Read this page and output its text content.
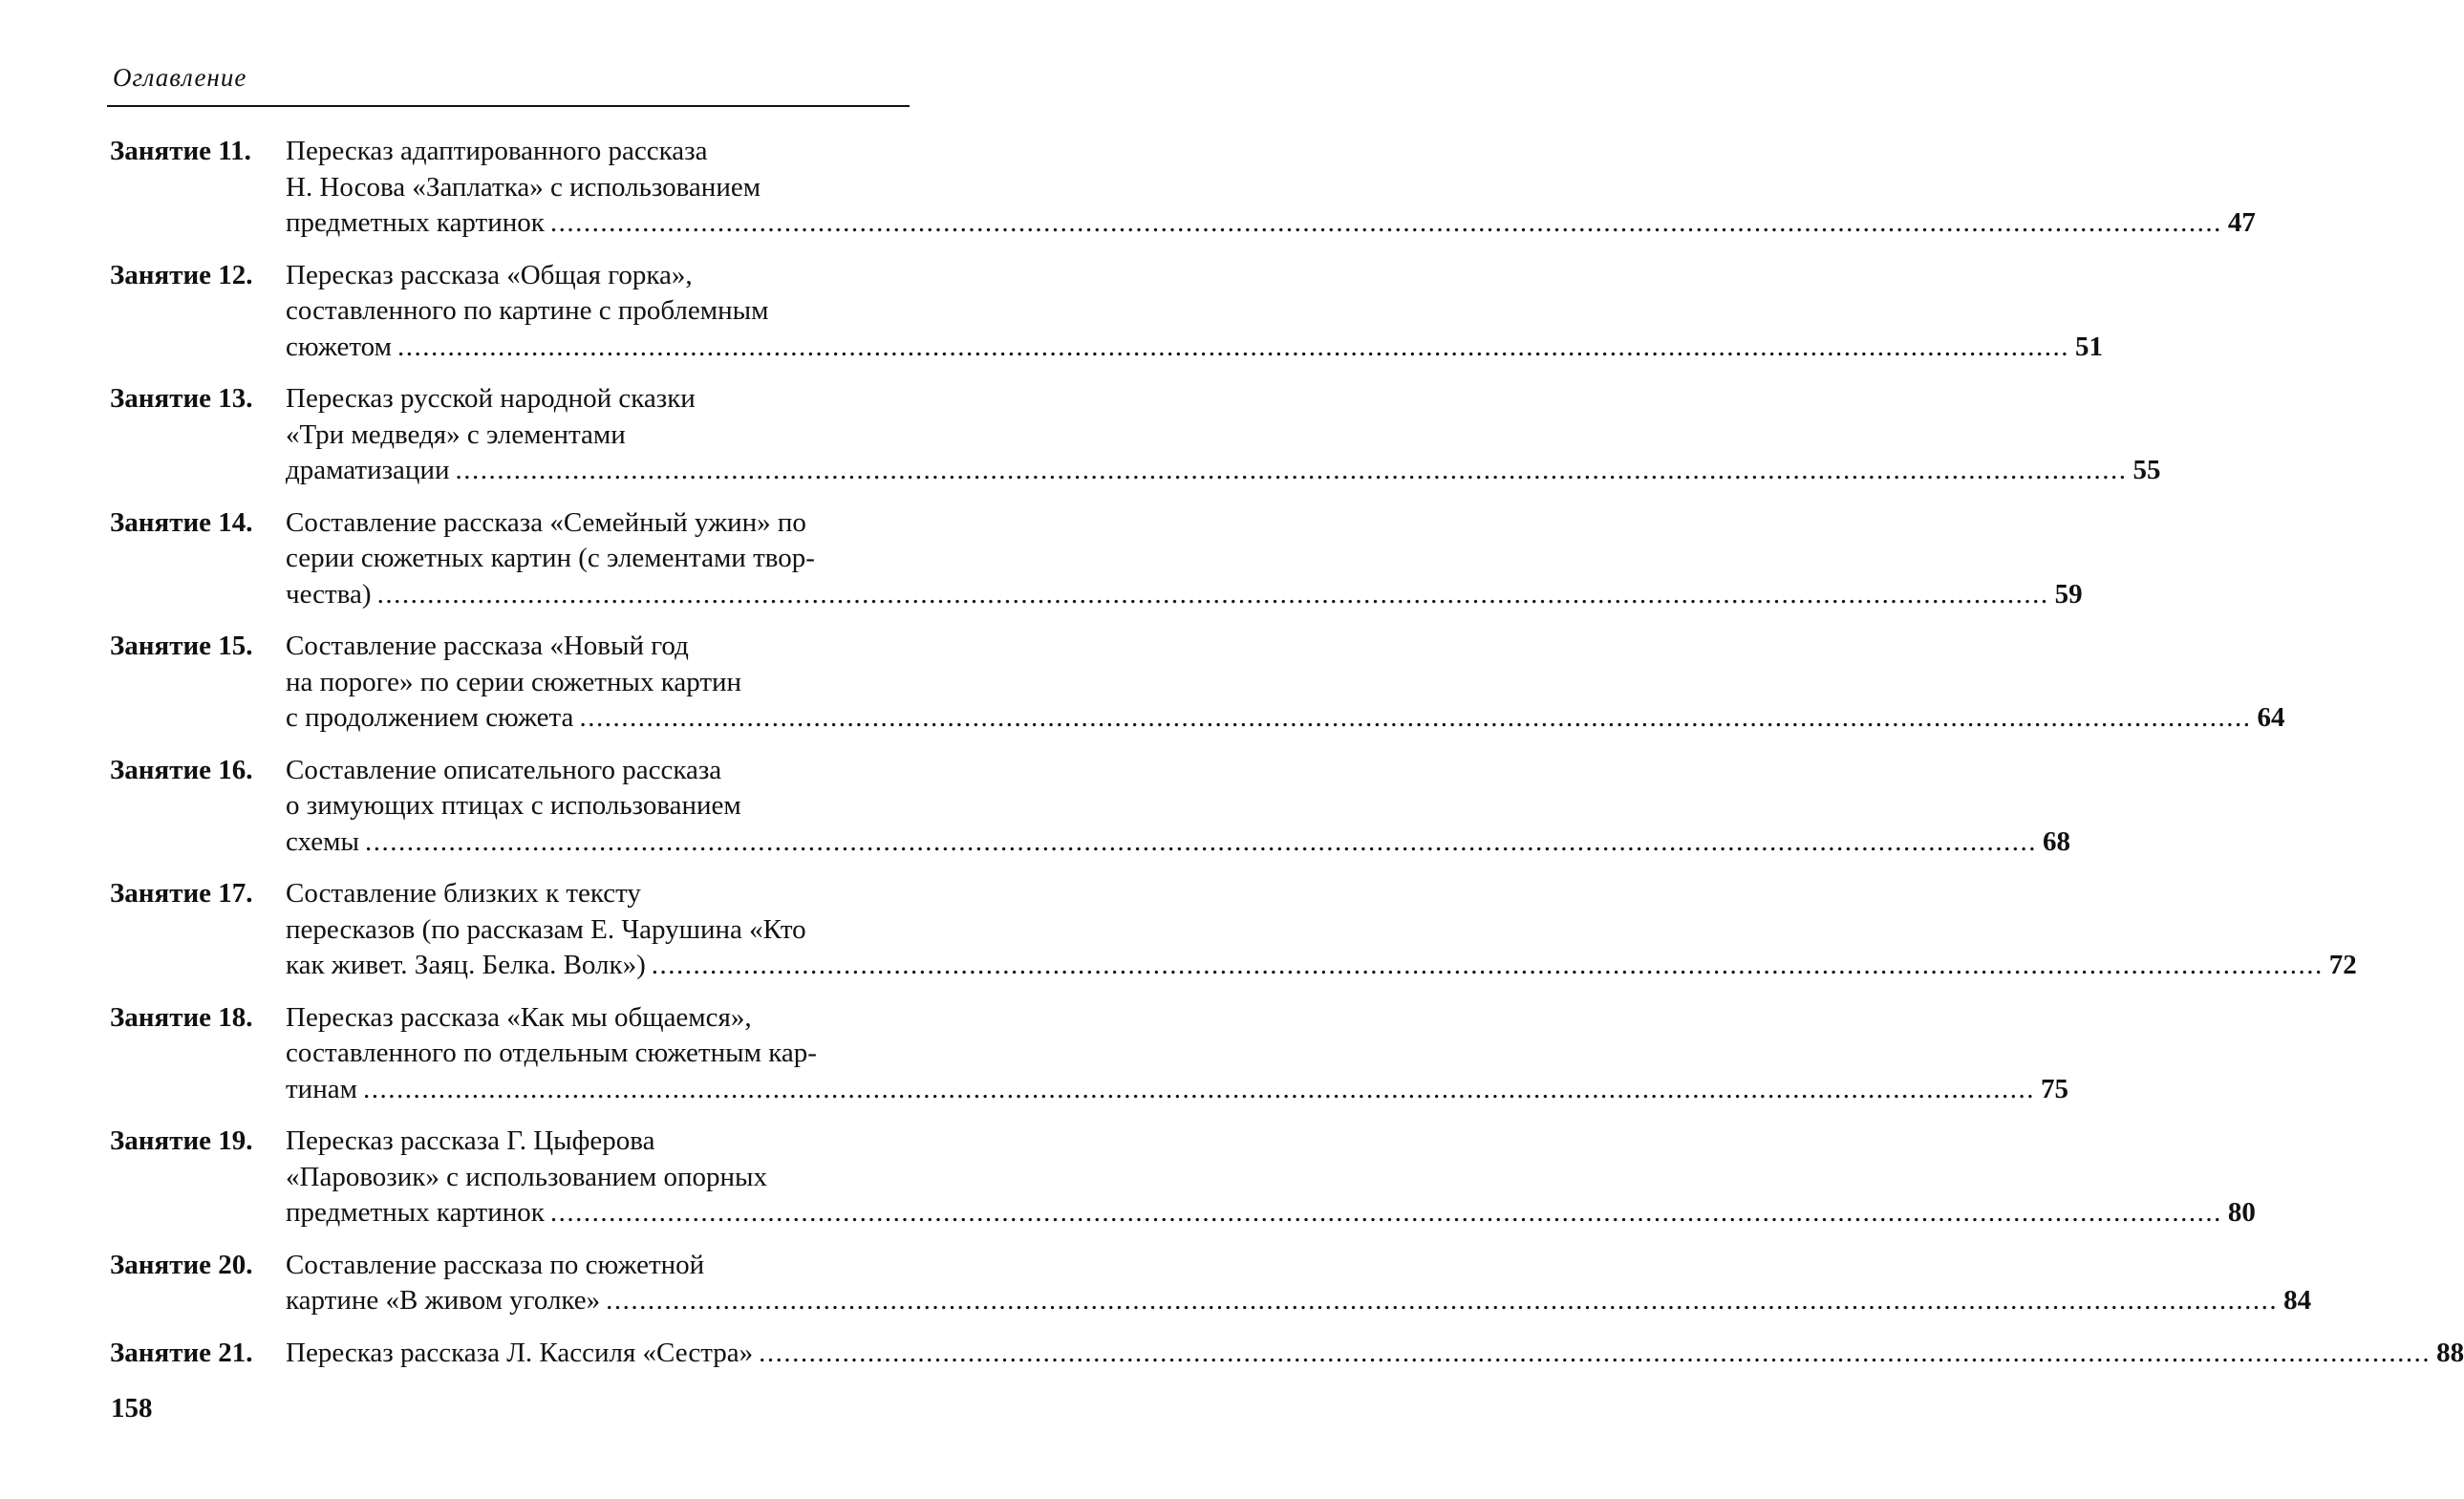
Оглавление
Занятие 11.	Пересказ адаптированного рассказа
Н. Носова «Заплатка» с использованием
предметных картинок ........................................................................................................................................................................................................ 47
Занятие 12.	Пересказ рассказа «Общая горка»,
составленного по картине с проблемным
сюжетом ........................................................................................................................................................................................................ 51
Занятие 13.	Пересказ русской народной сказки
«Три медведя» с элементами
драматизации ........................................................................................................................................................................................................ 55
Занятие 14.	Составление рассказа «Семейный ужин» по
серии сюжетных картин (с элементами твор-
чества) ........................................................................................................................................................................................................ 59
Занятие 15.	Составление рассказа «Новый год
на пороге» по серии сюжетных картин
с продолжением сюжета ........................................................................................................................................................................................................ 64
Занятие 16.	Составление описательного рассказа
о зимующих птицах с использованием
схемы ........................................................................................................................................................................................................ 68
Занятие 17.	Составление близких к тексту
пересказов (по рассказам Е. Чарушина «Кто
как живет. Заяц. Белка. Волк») ........................................................................................................................................................................................................ 72
Занятие 18.	Пересказ рассказа «Как мы общаемся»,
составленного по отдельным сюжетным кар-
тинам ........................................................................................................................................................................................................ 75
Занятие 19.	Пересказ рассказа Г. Цыферова
«Паровозик» с использованием опорных
предметных картинок ........................................................................................................................................................................................................ 80
Занятие 20.	Составление рассказа по сюжетной
картине «В живом уголке» ........................................................................................................................................................................................................ 84
Занятие 21.	Пересказ рассказа Л. Кассиля «Сестра» ........................................................................................................................................................................................................ 88
158
